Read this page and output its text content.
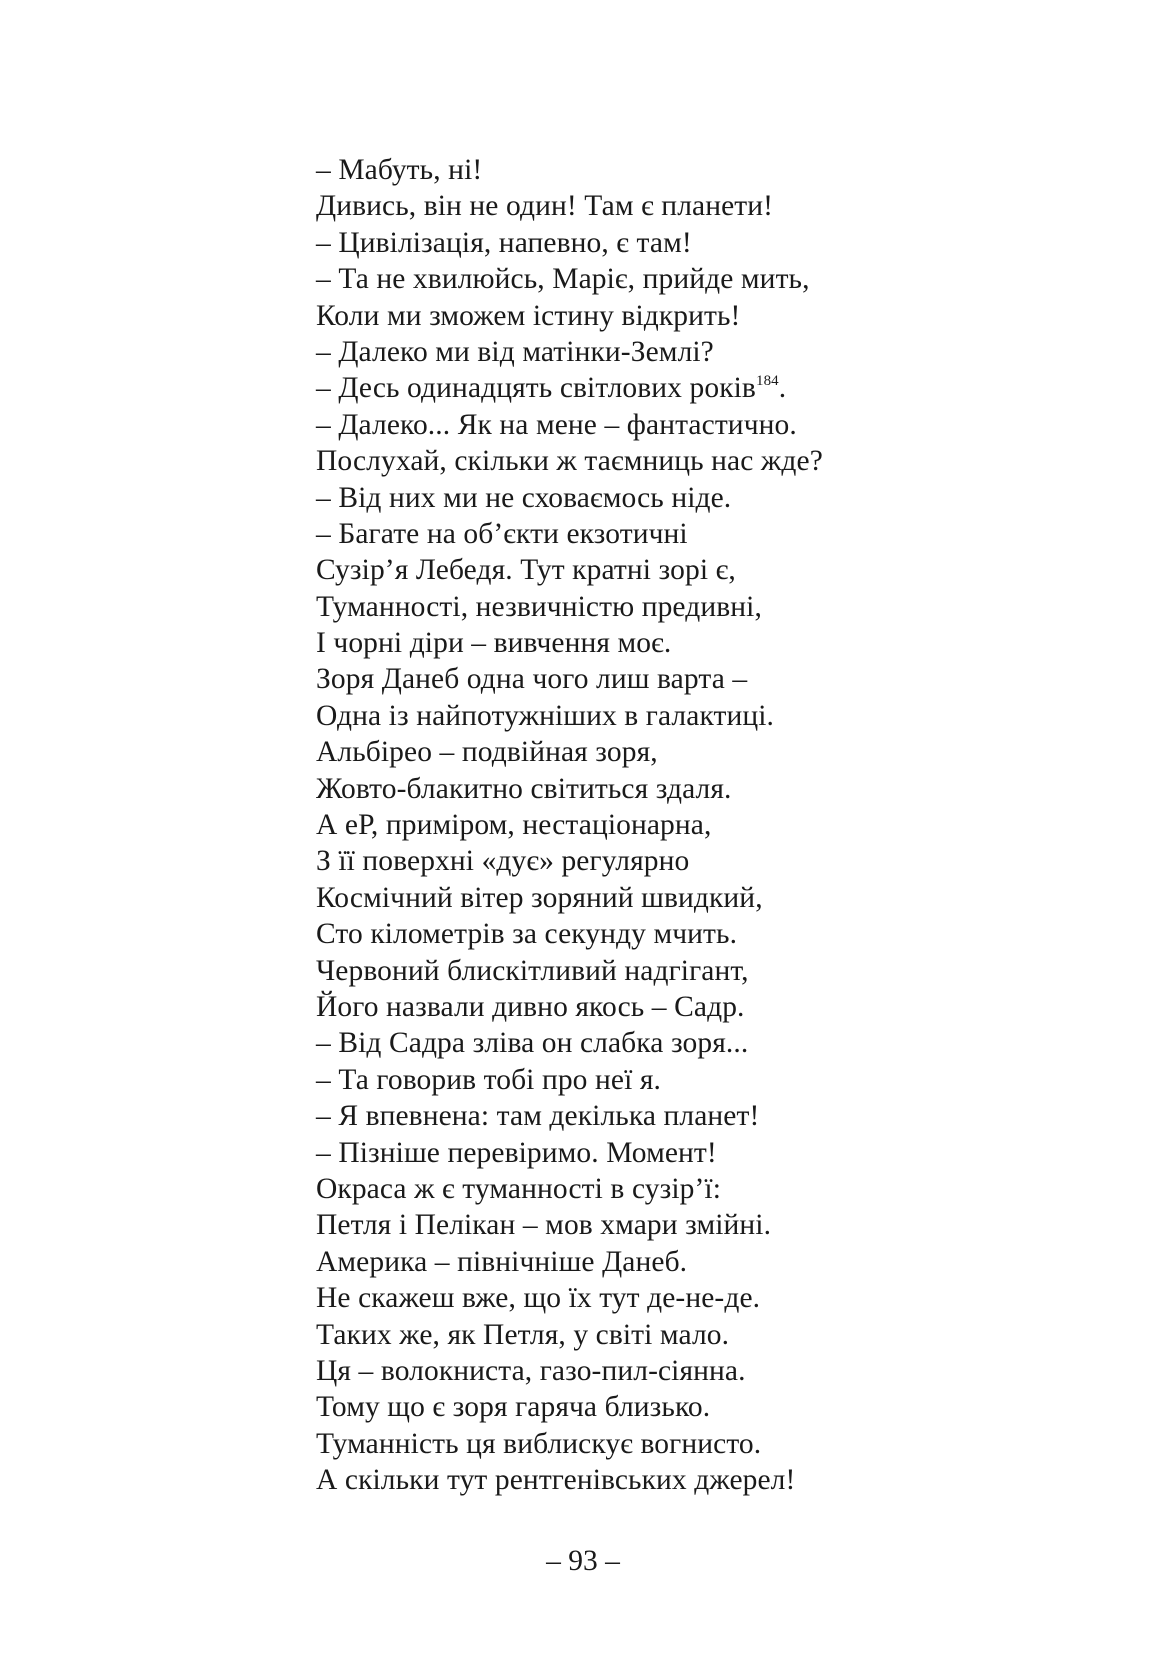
– Мабуть, ні!
Дивись, він не один! Там є планети!
– Цивілізація, напевно, є там!
– Та не хвилюйсь, Маріє, прийде мить,
Коли ми зможем істину відкрить!
– Далеко ми від матінки-Землі?
– Десь одинадцять світлових років$^{184}$.
– Далеко... Як на мене – фантастично.
Послухай, скільки ж таємниць нас жде?
– Від них ми не сховаємось ніде.
– Багате на об’єкти екзотичні
Сузір’я Лебедя. Тут кратні зорі є,
Туманності, незвичністю предивні,
І чорні діри – вивчення моє.
Зоря Данеб одна чого лиш варта –
Одна із найпотужніших в галактиці.
Альбірео – подвійная зоря,
Жовто-блакитно світиться здаля.
А еР, приміром, нестаціонарна,
З її поверхні «дує» регулярно
Космічний вітер зоряний швидкий,
Сто кілометрів за секунду мчить.
Червоний блискітливий надгігант,
Його назвали дивно якось – Садр.
– Від Садра зліва он слабка зоря...
– Та говорив тобі про неї я.
– Я впевнена: там декілька планет!
– Пізніше перевіримо. Момент!
Окраса ж є туманності в сузір’ї:
Петля і Пелікан – мов хмари змійні.
Америка – північніше Данеб.
Не скажеш вже, що їх тут де-не-де.
Таких же, як Петля, у світі мало.
Ця – волокниста, газо-пил-сіянна.
Тому що є зоря гаряча близько.
Туманність ця виблискує вогнисто.
А скільки тут рентгенівських джерел!
– 93 –
